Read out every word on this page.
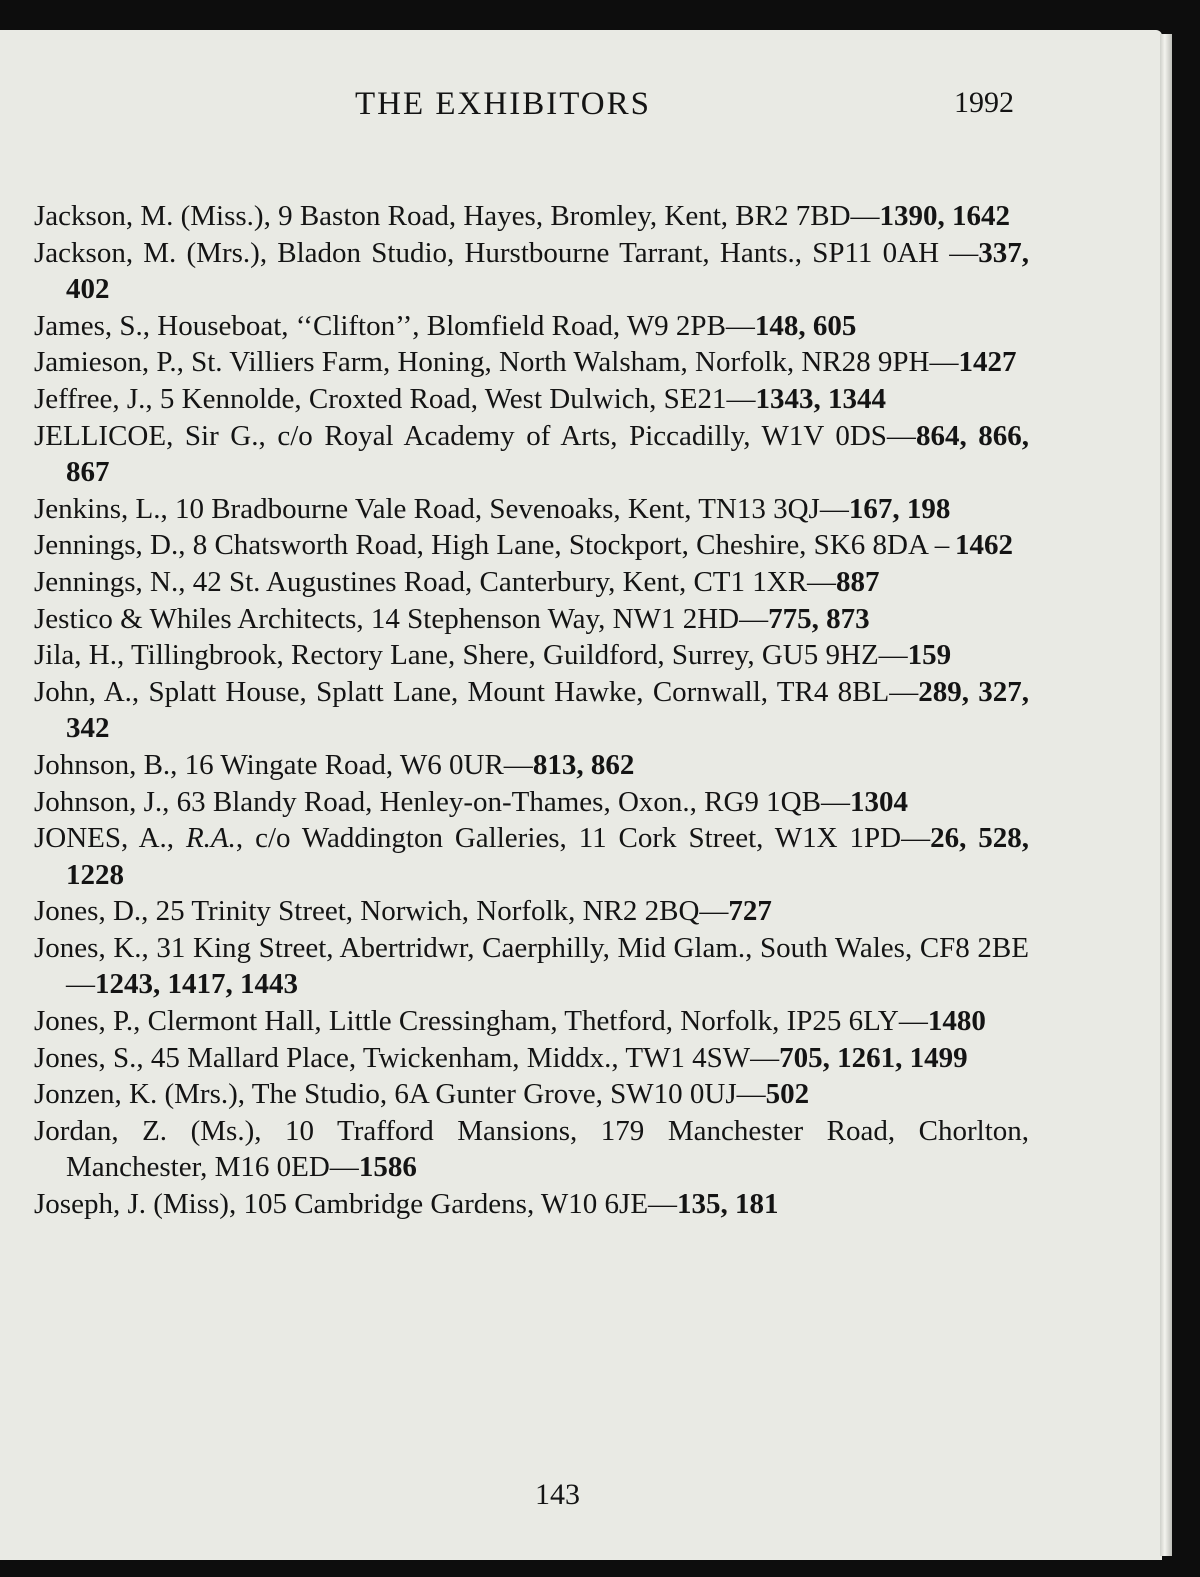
THE EXHIBITORS	1992

Jackson, M. (Miss.), 9 Baston Road, Hayes, Bromley, Kent, BR2 7BD—1390, 1642

Jackson, M. (Mrs.), Bladon Studio, Hurstbourne Tarrant, Hants., SP11 0AH —337, 402

James, S., Houseboat, ‘‘Clifton’’, Blomfield Road, W9 2PB—148, 605

Jamieson, P., St. Villiers Farm, Honing, North Walsham, Norfolk, NR28 9PH—1427

Jeffree, J., 5 Kennolde, Croxted Road, West Dulwich, SE21—1343, 1344

JELLICOE, Sir G., c/o Royal Academy of Arts, Piccadilly, W1V 0DS—864, 866, 867

Jenkins, L., 10 Bradbourne Vale Road, Sevenoaks, Kent, TN13 3QJ—167, 198

Jennings, D., 8 Chatsworth Road, High Lane, Stockport, Cheshire, SK6 8DA – 1462

Jennings, N., 42 St. Augustines Road, Canterbury, Kent, CT1 1XR—887

Jestico & Whiles Architects, 14 Stephenson Way, NW1 2HD—775, 873

Jila, H., Tillingbrook, Rectory Lane, Shere, Guildford, Surrey, GU5 9HZ—159

John, A., Splatt House, Splatt Lane, Mount Hawke, Cornwall, TR4 8BL—289, 327, 342

Johnson, B., 16 Wingate Road, W6 0UR—813, 862

Johnson, J., 63 Blandy Road, Henley-on-Thames, Oxon., RG9 1QB—1304

JONES, A., R.A., c/o Waddington Galleries, 11 Cork Street, W1X 1PD—26, 528, 1228

Jones, D., 25 Trinity Street, Norwich, Norfolk, NR2 2BQ—727

Jones, K., 31 King Street, Abertridwr, Caerphilly, Mid Glam., South Wales, CF8 2BE—1243, 1417, 1443

Jones, P., Clermont Hall, Little Cressingham, Thetford, Norfolk, IP25 6LY—1480

Jones, S., 45 Mallard Place, Twickenham, Middx., TW1 4SW—705, 1261, 1499

Jonzen, K. (Mrs.), The Studio, 6A Gunter Grove, SW10 0UJ—502

Jordan, Z. (Ms.), 10 Trafford Mansions, 179 Manchester Road, Chorlton, Manchester, M16 0ED—1586

Joseph, J. (Miss), 105 Cambridge Gardens, W10 6JE—135, 181

143
